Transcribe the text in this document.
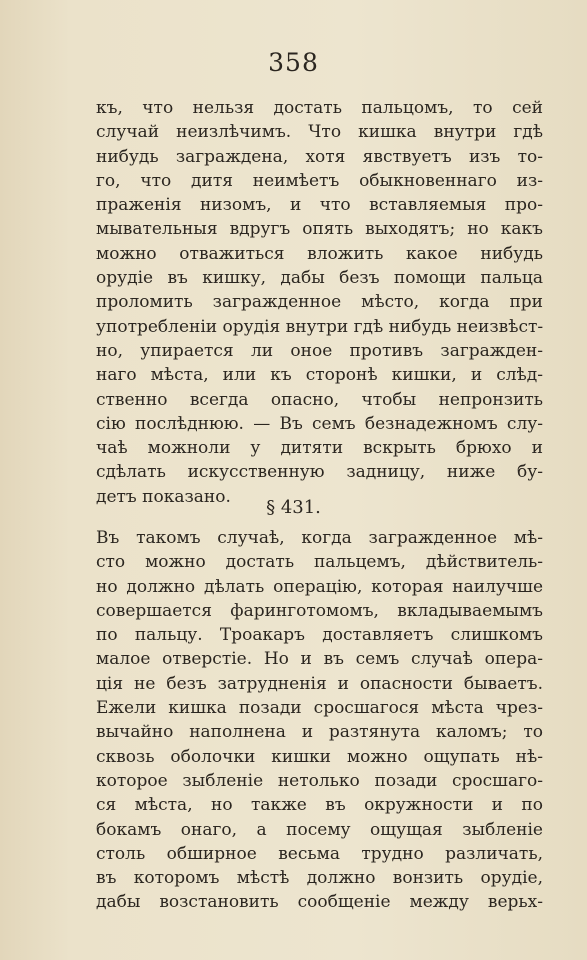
358
къ, что нельзя достать пальцомъ, то сей
случай неизлѣчимъ. Что кишка внутри гдѣ
нибудь заграждена, хотя явствуетъ изъ то-
го, что дитя неимѣетъ обыкновеннаго из-
праженія низомъ, и что вставляемыя про-
мывательныя вдругъ опять выходятъ; но какъ
можно отважиться вложить какое нибудь
орудіе въ кишку, дабы безъ помощи пальца
проломить загражденное мѣсто, когда при
употребленіи орудія внутри гдѣ нибудь неизвѣст-
но, упирается ли оное противъ загражден-
наго мѣста, или къ сторонѣ кишки, и слѣд-
ственно всегда опасно, чтобы непронзить
сію послѣднюю. — Въ семъ безнадежномъ слу-
чаѣ можноли у дитяти вскрыть брюхо и
сдѣлать искусственную задницу, ниже бу-
детъ показано.
§ 431.
Въ такомъ случаѣ, когда загражденное мѣ-
сто можно достать пальцемъ, дѣйствитель-
но должно дѣлать операцію, которая наилучше
совершается фаринготомомъ, вкладываемымъ
по пальцу. Троакаръ доставляетъ слишкомъ
малое отверстіе. Но и въ семъ случаѣ опера-
ція не безъ затрудненія и опасности бываетъ.
Ежели кишка позади сросшагося мѣста чрез-
вычайно наполнена и разтянута каломъ; то
сквозь оболочки кишки можно ощупать нѣ-
которое зыбленіе нетолько позади сросшаго-
ся мѣста, но также въ окружности и по
бокамъ онаго, а посему ощущая зыбленіе
столь обширное весьма трудно различать,
въ которомъ мѣстѣ должно вонзить орудіе,
дабы возстановить сообщеніе между верьх-
